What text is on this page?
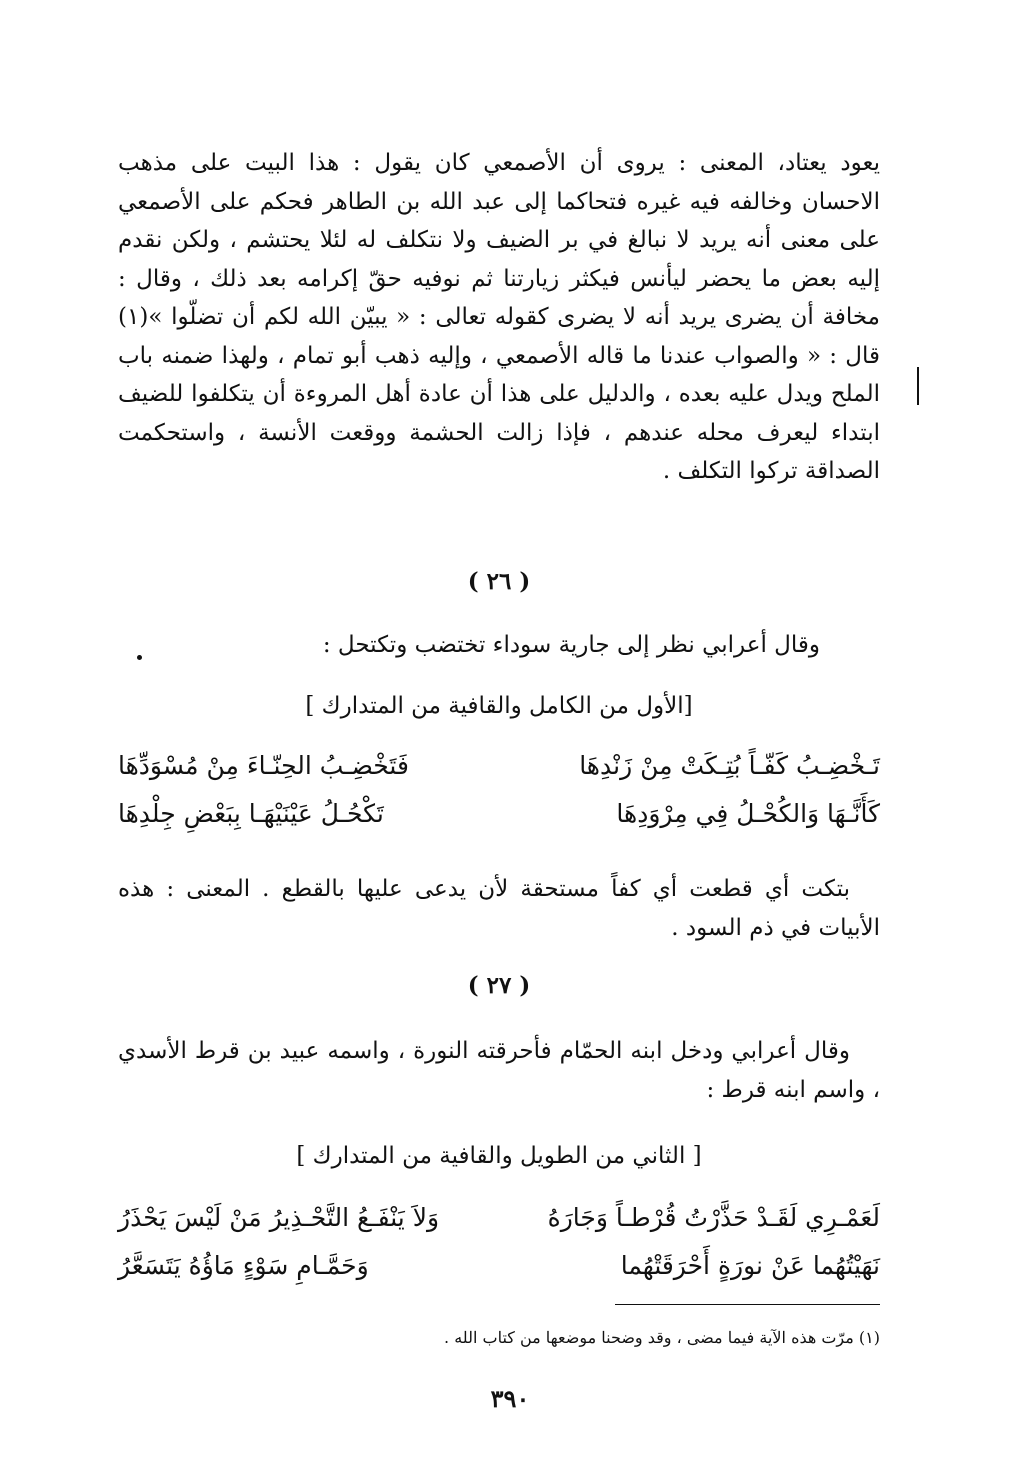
يعود يعتاد، المعنى : يروى أن الأصمعي كان يقول : هذا البيت على مذهب الاحسان وخالفه فيه غيره فتحاكما إلى عبد الله بن الطاهر فحكم على الأصمعي على معنى أنه يريد لا نبالغ في بر الضيف ولا نتكلف له لئلا يحتشم ، ولكن نقدم إليه بعض ما يحضر ليأنس فيكثر زيارتنا ثم نوفيه حقّ إكرامه بعد ذلك ، وقال : مخافة أن يضرى يريد أنه لا يضرى كقوله تعالى : « يبيّن الله لكم أن تضلّوا »(١) قال : « والصواب عندنا ما قاله الأصمعي ، وإليه ذهب أبو تمام ، ولهذا ضمنه باب الملح ويدل عليه بعده ، والدليل على هذا أن عادة أهل المروءة أن يتكلفوا للضيف ابتداء ليعرف محله عندهم ، فإذا زالت الحشمة ووقعت الأنسة ، واستحكمت الصداقة تركوا التكلف .

( ٢٦ )

وقال أعرابي نظر إلى جارية سوداء تختضب وتكتحل :

[الأول من الكامل والقافية من المتدارك ]

تَـخْضِـبُ كَفّـاً بُتِـكَتْ مِنْ زَنْدِهَا
فَتَخْضِـبُ الحِنّـاءَ مِنْ مُسْوَدِّهَا
كَأَنَّـهَا وَالكُحْـلُ فِي مِرْوَدِهَا
تَكْحُـلُ عَيْنَيْهَـا بِبَعْضِ جِلْدِهَا

بتكت أي قطعت أي كفاً مستحقة لأن يدعى عليها بالقطع . المعنى : هذه الأبيات في ذم السود .

( ٢٧ )

وقال أعرابي ودخل ابنه الحمّام فأحرقته النورة ، واسمه عبيد بن قرط الأسدي ، واسم ابنه قرط :

[ الثاني من الطويل والقافية من المتدارك ]

لَعَمْـرِي لَقَـدْ حَذَّرْتُ قُرْطـاً وَجَارَهُ
وَلاَ يَنْفَـعُ التَّحْـذِيرُ مَنْ لَيْسَ يَحْذَرُ
نَهَيْتُهُما عَنْ نورَةٍ أَحْرَقَتْهُما
وَحَمَّـامِ سَوْءٍ مَاؤُهُ يَتَسَعَّرُ

(١) مرّت هذه الآية فيما مضى ، وقد وضحنا موضعها من كتاب الله .

٣٩٠
